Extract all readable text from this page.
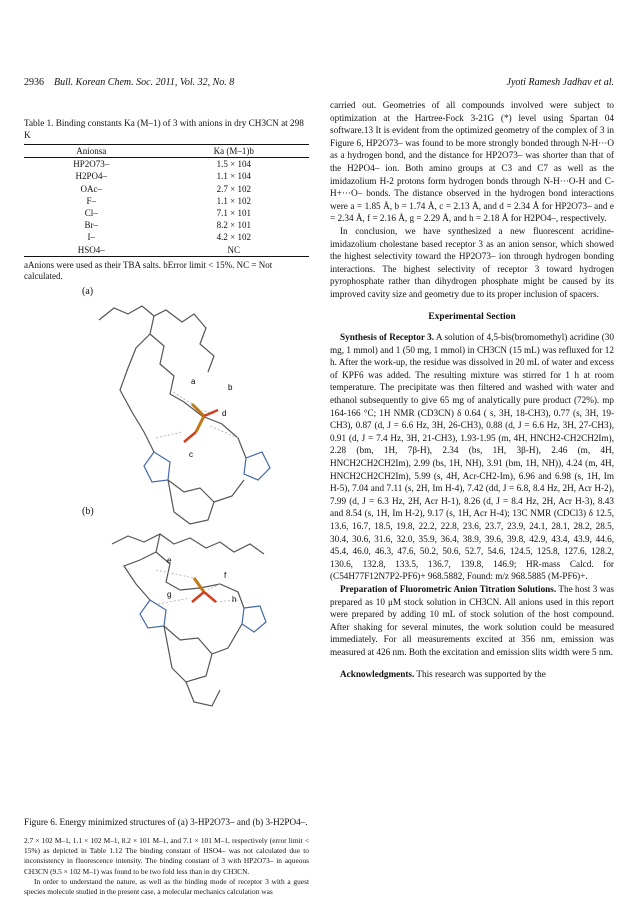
2936 Bull. Korean Chem. Soc. 2011, Vol. 32, No. 8	Jyoti Ramesh Jadhav et al.
Table 1. Binding constants Ka (M–1) of 3 with anions in dry CH3CN at 298 K
Anionsa	Ka (M–1)b
HP2O73–	1.5 × 104
H2PO4–	1.1 × 104
OAc–	2.7 × 102
F–	1.1 × 102
Cl–	7.1 × 101
Br–	8.2 × 101
I–	4.2 × 102
HSO4–	NC
aAnions were used as their TBA salts. bError limit < 15%. NC = Not calculated.
(a)
a
b
d
c
(b)
e
f
g
h
Figure 6. Energy minimized structures of (a) 3-HP2O73– and (b) 3-H2PO4–.

2.7 × 102 M–1, 1.1 × 102 M–1, 8.2 × 101 M–1, and 7.1 × 101 M–1, respectively (error limit < 15%) as depicted in Table 1.12 The binding constant of HSO4– was not calculated due to inconsistency in fluorescence intensity. The binding constant of 3 with HP2O73– in aqueous CH3CN (9.5 × 102 M–1) was found to be two fold less than in dry CH3CN.

In order to understand the nature, as well as the binding mode of receptor 3 with a guest species molecule studied in the present case, a molecular mechanics calculation was

carried out. Geometries of all compounds involved were subject to optimization at the Hartree-Fock 3-21G (*) level using Spartan 04 software.13 It is evident from the optimized geometry of the complex of 3 in Figure 6, HP2O73– was found to be more strongly bonded through N-H···O as a hydrogen bond, and the distance for HP2O73– was shorter than that of the H2PO4– ion. Both amino groups at C3 and C7 as well as the imidazolium H-2 protons form hydrogen bonds through N-H···O-H and C-H+···O– bonds. The distance observed in the hydrogen bond interactions were a = 1.85 Å, b = 1.74 Å, c = 2.13 Å, and d = 2.34 Å for HP2O73– and e = 2.34 Å, f = 2.16 Å, g = 2.29 Å, and h = 2.18 Å for H2PO4–, respectively.

In conclusion, we have synthesized a new fluorescent acridine-imidazolium cholestane based receptor 3 as an anion sensor, which showed the highest selectivity toward the HP2O73– ion through hydrogen bonding interactions. The highest selectivity of receptor 3 toward hydrogen pyrophosphate rather than dihydrogen phosphate might be caused by its improved cavity size and geometry due to its proper inclusion of spacers.

Experimental Section

Synthesis of Receptor 3. A solution of 4,5-bis(bromomethyl) acridine (30 mg, 1 mmol) and 1 (50 mg, 1 mmol) in CH3CN (15 mL) was refluxed for 12 h. After the work-up, the residue was dissolved in 20 mL of water and excess of KPF6 was added. The resulting mixture was stirred for 1 h at room temperature. The precipitate was then filtered and washed with water and ethanol subsequently to give 65 mg of analytically pure product (72%). mp 164-166 °C; 1H NMR (CD3CN) δ 0.64 ( s, 3H, 18-CH3), 0.77 (s, 3H, 19-CH3), 0.87 (d, J = 6.6 Hz, 3H, 26-CH3), 0.88 (d, J = 6.6 Hz, 3H, 27-CH3), 0.91 (d, J = 7.4 Hz, 3H, 21-CH3), 1.93-1.95 (m, 4H, HNCH2-CH2CH2Im), 2.28 (bm, 1H, 7β-H), 2.34 (bs, 1H, 3β-H), 2.46 (m, 4H, HNCH2CH2CH2Im), 2.99 (bs, 1H, NH), 3.91 (bm, 1H, NH)), 4.24 (m, 4H, HNCH2CH2CH2Im), 5.99 (s, 4H, Acr-CH2-Im), 6.96 and 6.98 (s, 1H, Im H-5), 7.04 and 7.11 (s, 2H, Im H-4), 7.42 (dd, J = 6.8, 8.4 Hz, 2H, Acr H-2), 7.99 (d, J = 6.3 Hz, 2H, Acr H-1), 8.26 (d, J = 8.4 Hz, 2H, Acr H-3), 8.43 and 8.54 (s, 1H, Im H-2), 9.17 (s, 1H, Acr H-4); 13C NMR (CDCl3) δ 12.5, 13.6, 16.7, 18.5, 19.8, 22.2, 22.8, 23.6, 23.7, 23.9, 24.1, 28.1, 28.2, 28.5, 30.4, 30.6, 31.6, 32.0, 35.9, 36.4, 38.9, 39.6, 39.8, 42.9, 43.4, 43.9, 44.6, 45.4, 46.0, 46.3, 47.6, 50.2, 50.6, 52.7, 54.6, 124.5, 125.8, 127.6, 128.2, 130.6, 132.8, 133.5, 136.7, 139.8, 146.9; HR-mass Calcd. for (C54H77F12N7P2-PF6)+ 968.5882, Found: m/z 968.5885 (M-PF6)+.

Preparation of Fluorometric Anion Titration Solutions. The host 3 was prepared as 10 μM stock solution in CH3CN. All anions used in this report were prepared by adding 10 mL of stock solution of the host compound. After shaking for several minutes, the work solution could be measured immediately. For all measurements excited at 356 nm, emission was measured at 426 nm. Both the excitation and emission slits width were 5 nm.

Acknowledgments. This research was supported by the
